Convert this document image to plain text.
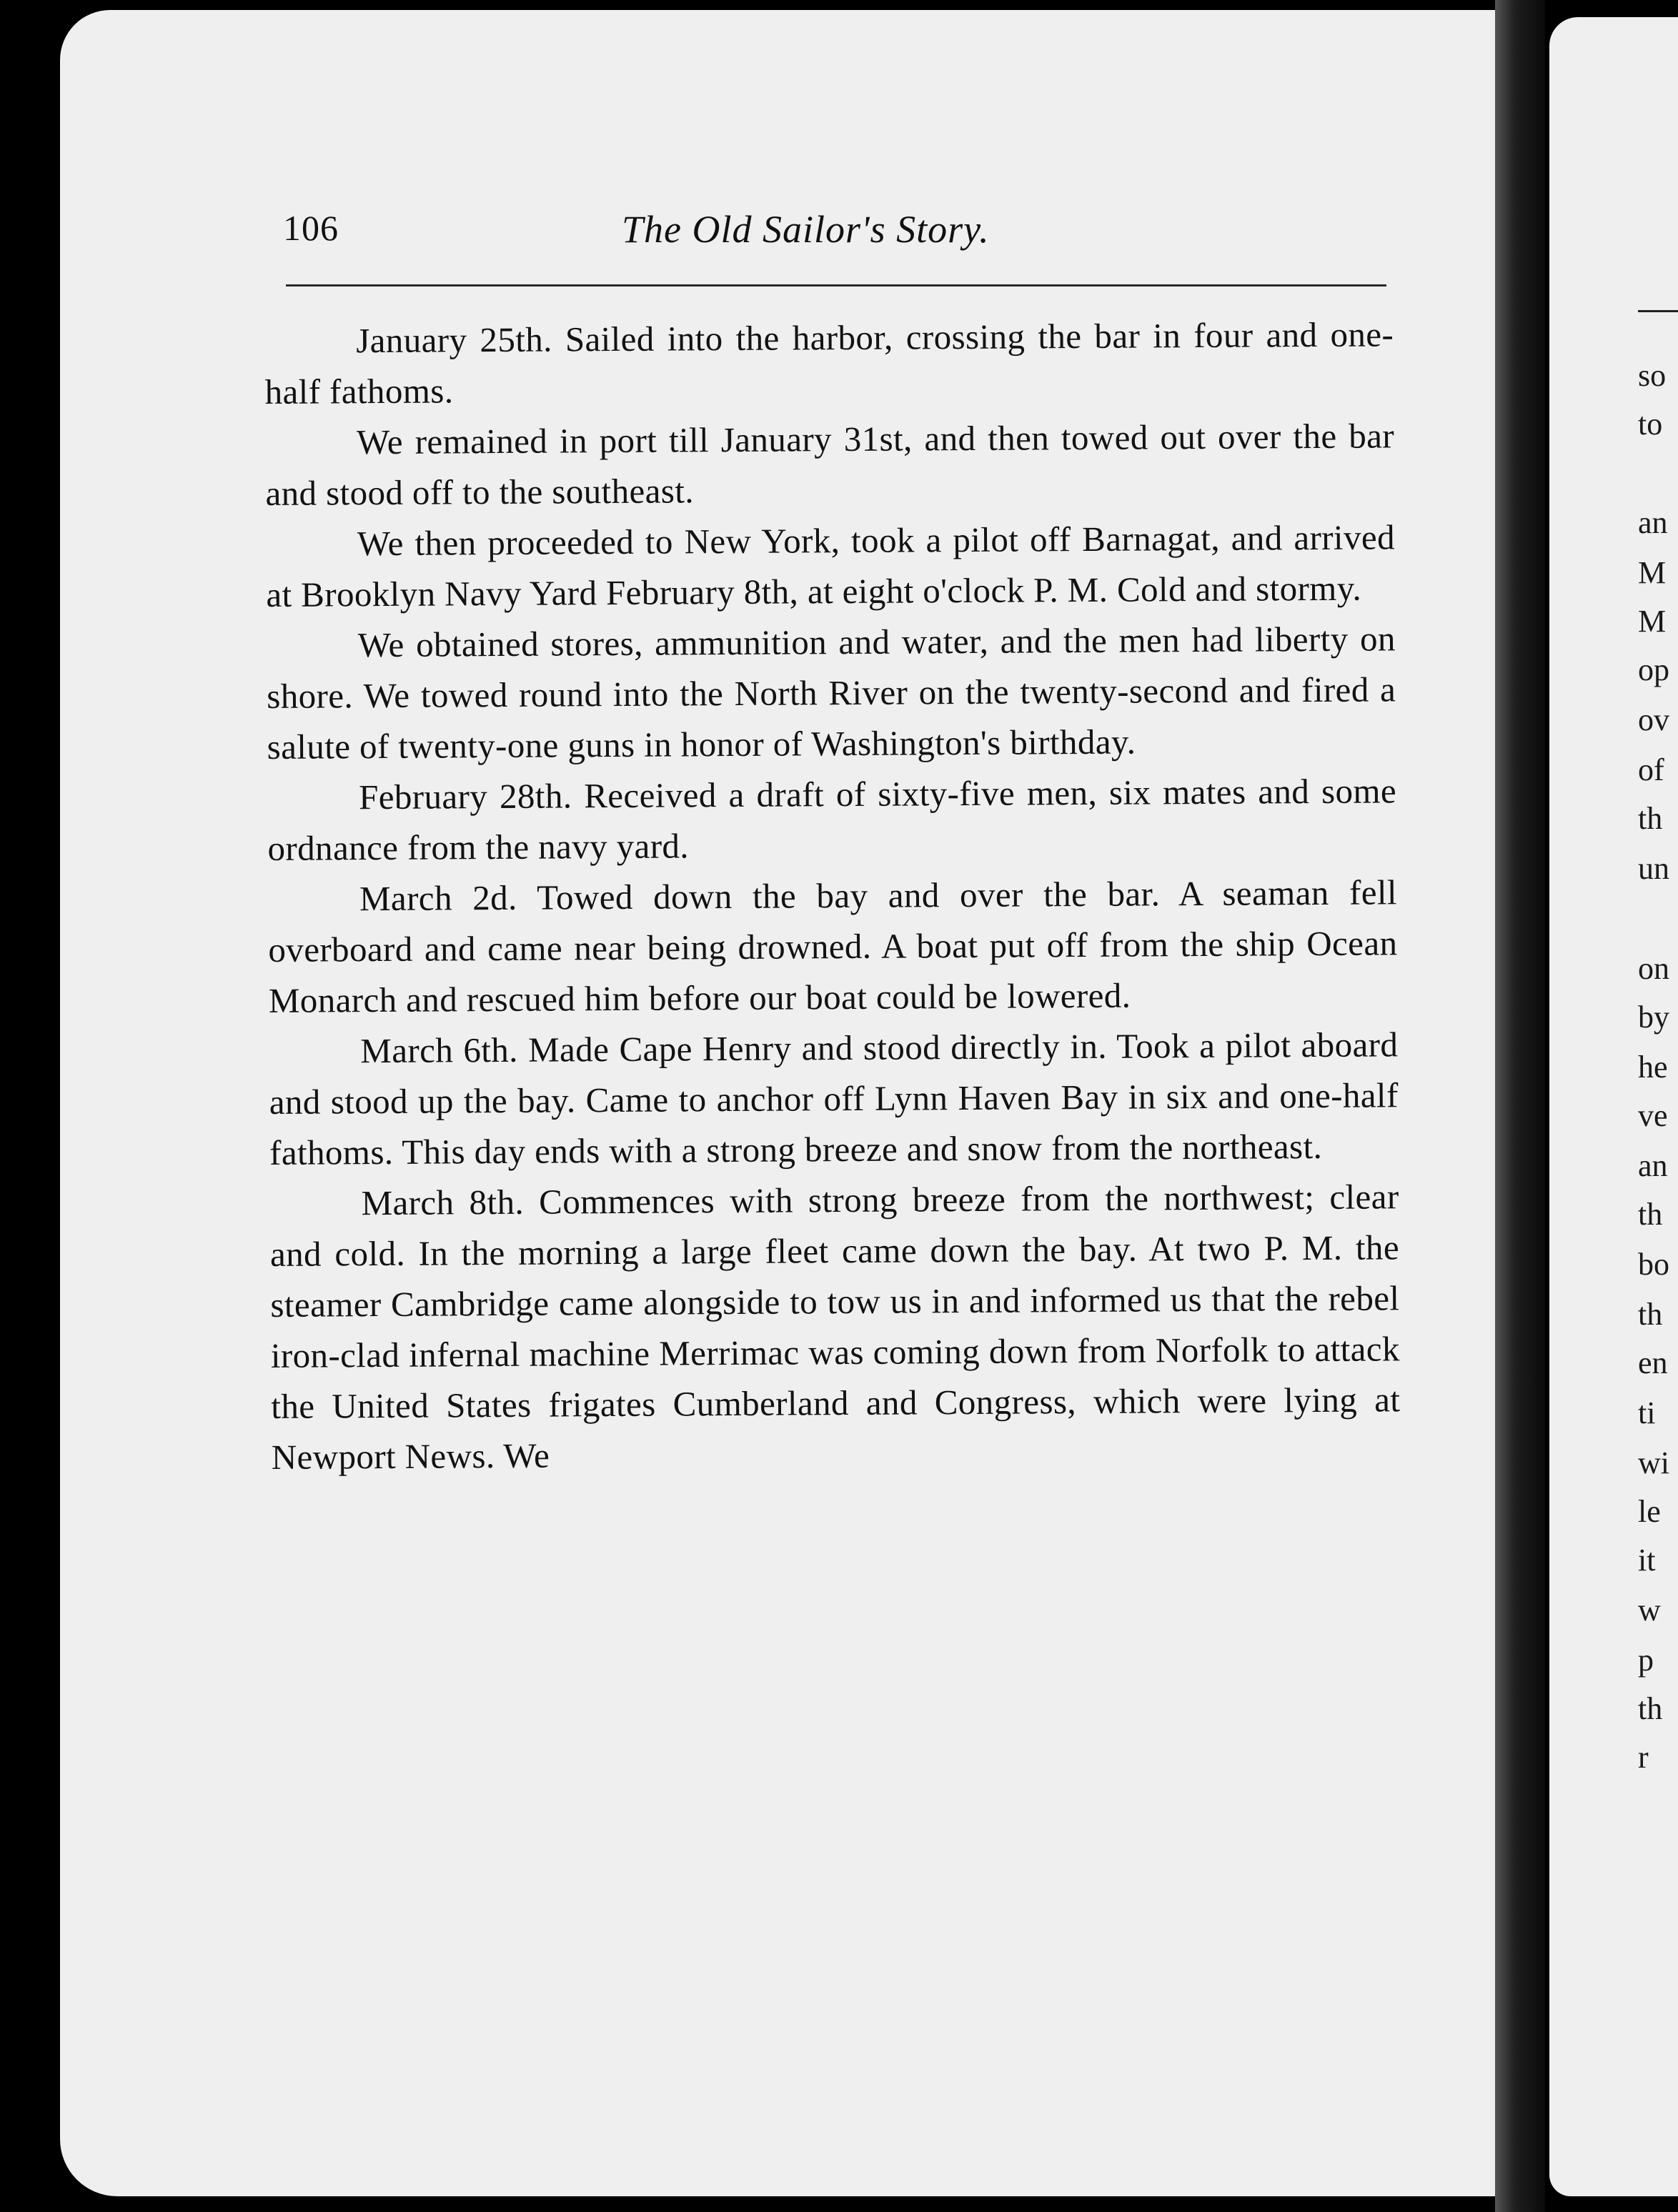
106	The Old Sailor's Story.

January 25th. Sailed into the harbor, crossing the bar in four and one-half fathoms.

We remained in port till January 31st, and then towed out over the bar and stood off to the southeast.

We then proceeded to New York, took a pilot off Barnagat, and arrived at Brooklyn Navy Yard February 8th, at eight o'clock P. M. Cold and stormy.

We obtained stores, ammunition and water, and the men had liberty on shore. We towed round into the North River on the twenty-second and fired a salute of twenty-one guns in honor of Washington's birthday.

February 28th. Received a draft of sixty-five men, six mates and some ordnance from the navy yard.

March 2d. Towed down the bay and over the bar. A seaman fell overboard and came near being drowned. A boat put off from the ship Ocean Monarch and rescued him before our boat could be lowered.

March 6th. Made Cape Henry and stood directly in. Took a pilot aboard and stood up the bay. Came to anchor off Lynn Haven Bay in six and one-half fathoms. This day ends with a strong breeze and snow from the northeast.

March 8th. Commences with strong breeze from the northwest; clear and cold. In the morning a large fleet came down the bay. At two P. M. the steamer Cambridge came alongside to tow us in and informed us that the rebel iron-clad infernal machine Merrimac was coming down from Norfolk to attack the United States frigates Cumberland and Congress, which were lying at Newport News. We

so
to
an
M
M
op
ov
of
th
un
on
by
he
ve
an
th
bo
th
en
ti
wi
le
it
w
p
th
r
